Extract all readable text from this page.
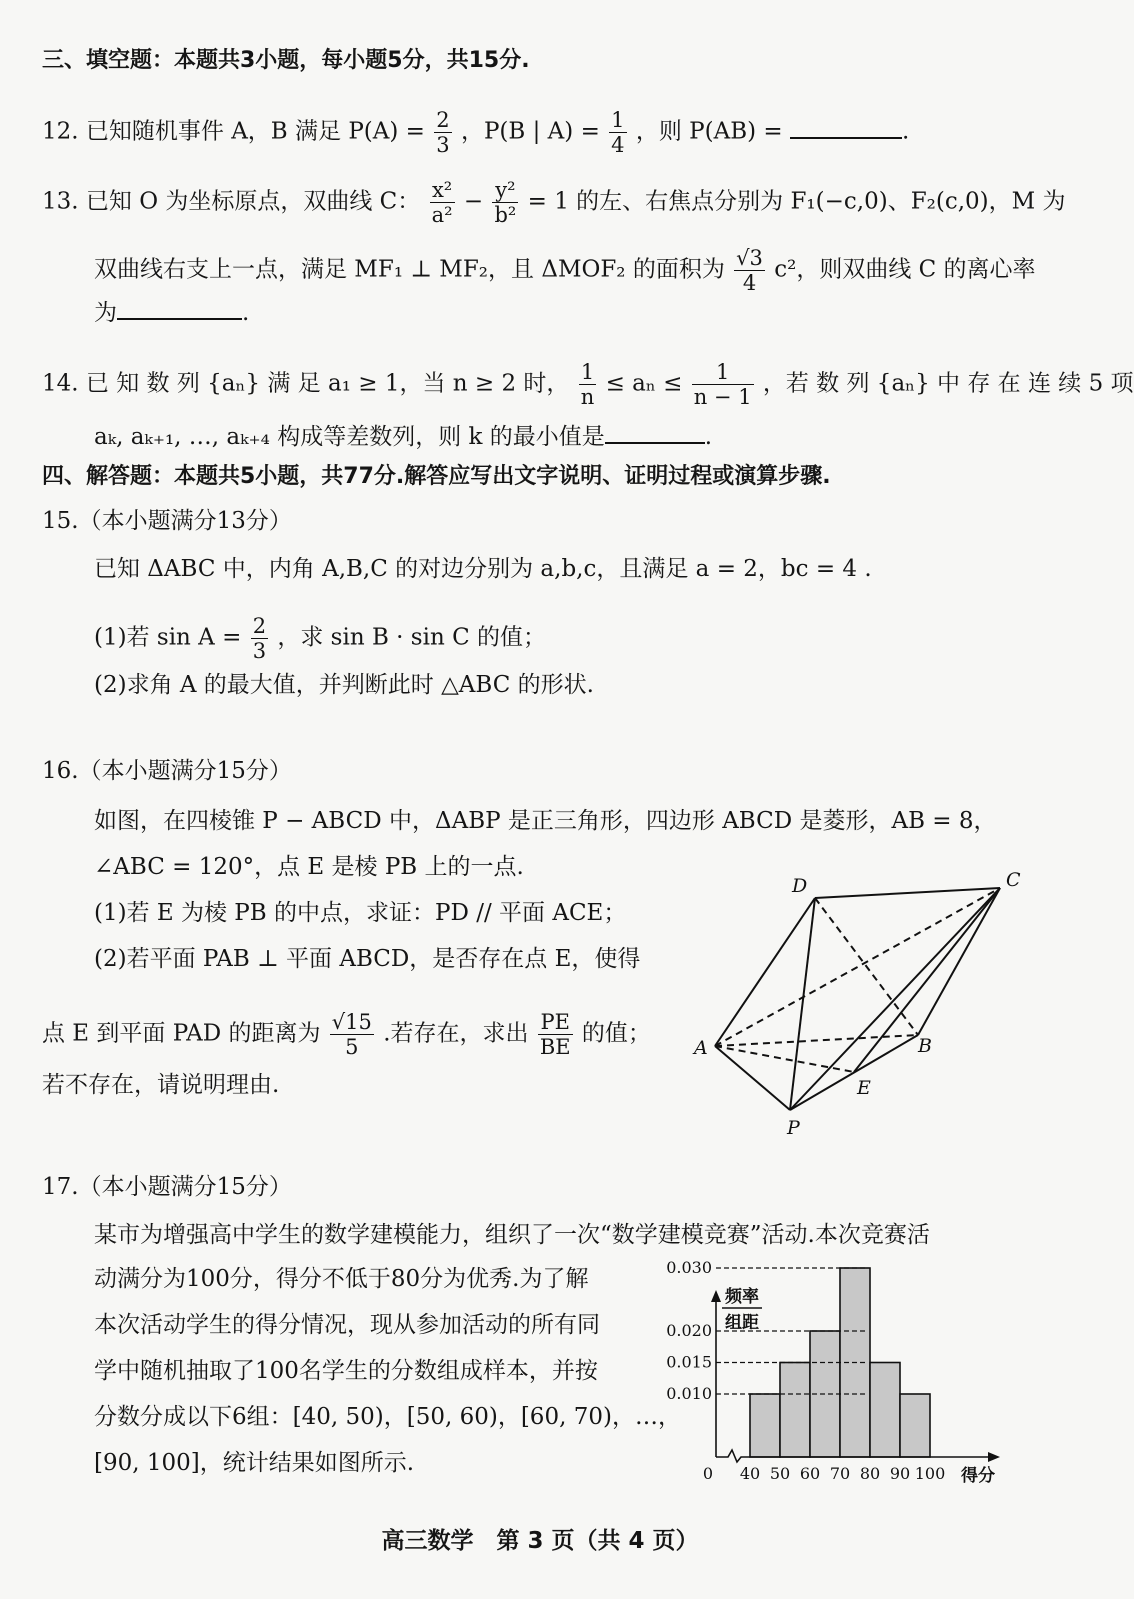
三、填空题：本题共3小题，每小题5分，共15分.
12. 已知随机事件 A，B 满足 $P(A) = \frac{2}{3}$ ，P(B | $A) = \frac{1}{4}$ ，则 P(AB) =	.
13. 已知 O 为坐标原点，双曲线 C： $\frac{\text{x²}}{\text{a²}} - \frac{\text{y²}}{\text{b²}} = 1$ 的左、右焦点分别为 F₁(−c,0)、F₂(c,0)，M 为
双曲线右支上一点，满足 MF₁ ⊥ MF₂，且 ΔMOF₂ 的面积为 $\frac{√3}{4} c^2$，则双曲线 C 的离心率
为	.
14. 已 知 数 列 {aₙ} 满 足 a₁ ≥ 1，当 n ≥ 2 时， $\frac{1}{n} \le a_n \le \frac{1}{n - 1}$ ，若 数 列 {aₙ} 中 存 在 连 续 5 项
aₖ, aₖ₊₁, …, aₖ₊₄ 构成等差数列，则 k 的最小值是	.
四、解答题：本题共5小题，共77分.解答应写出文字说明、证明过程或演算步骤.
15.（本小题满分13分）
已知 ΔABC 中，内角 A,B,C 的对边分别为 a,b,c，且满足 a = 2，bc = 4 .
(1)若 $\sin A = \frac{2}{3}$ ，求 sin B · sin C 的值；
(2)求角 A 的最大值，并判断此时 △ABC 的形状.
16.（本小题满分15分）
如图，在四棱锥 P − ABCD 中，ΔABP 是正三角形，四边形 ABCD 是菱形，AB = 8，
∠ABC = 120°，点 E 是棱 PB 上的一点.
(1)若 E 为棱 PB 的中点，求证：PD // 平面 ACE；
(2)若平面 PAB ⊥ 平面 ABCD，是否存在点 E，使得
点 E 到平面 PAD 的距离为 $\frac{√15}{5}$ .若存在，求出 $\frac{PE}{BE}$ 的值；
若不存在，请说明理由.
D	C
A	B
E
P
17.（本小题满分15分）
某市为增强高中学生的数学建模能力，组织了一次“数学建模竞赛”活动.本次竞赛活
动满分为100分，得分不低于80分为优秀.为了解
本次活动学生的得分情况，现从参加活动的所有同
学中随机抽取了100名学生的分数组成样本，并按
分数分成以下6组：[40, 50)，[50, 60)，[60, 70)，…，
[90, 100]，统计结果如图所示.
0.010
0.015
0.020
0.030
0 40 50 60 70 80 90 100 得分
频率
组距
高三数学　第 3 页（共 4 页）
